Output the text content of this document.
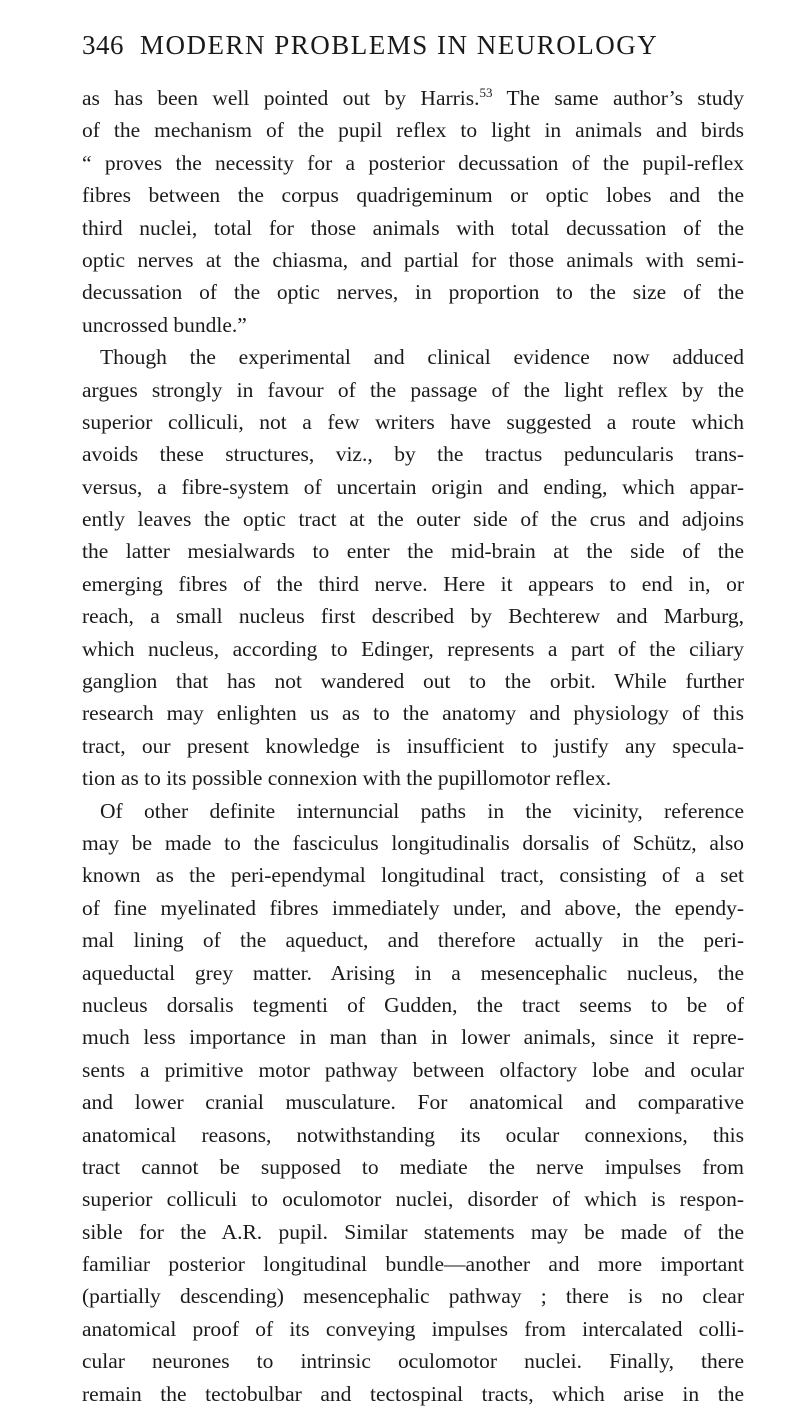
346 MODERN PROBLEMS IN NEUROLOGY
as has been well pointed out by Harris.$^{53}$ The same author’s study
of the mechanism of the pupil reflex to light in animals and birds
“ proves the necessity for a posterior decussation of the pupil-reflex
fibres between the corpus quadrigeminum or optic lobes and the
third nuclei, total for those animals with total decussation of the
optic nerves at the chiasma, and partial for those animals with semi-
decussation of the optic nerves, in proportion to the size of the
uncrossed bundle.”
Though the experimental and clinical evidence now adduced
argues strongly in favour of the passage of the light reflex by the
superior colliculi, not a few writers have suggested a route which
avoids these structures, viz., by the tractus peduncularis trans-
versus, a fibre-system of uncertain origin and ending, which appar-
ently leaves the optic tract at the outer side of the crus and adjoins
the latter mesialwards to enter the mid-brain at the side of the
emerging fibres of the third nerve. Here it appears to end in, or
reach, a small nucleus first described by Bechterew and Marburg,
which nucleus, according to Edinger, represents a part of the ciliary
ganglion that has not wandered out to the orbit. While further
research may enlighten us as to the anatomy and physiology of this
tract, our present knowledge is insufficient to justify any specula-
tion as to its possible connexion with the pupillomotor reflex.
Of other definite internuncial paths in the vicinity, reference
may be made to the fasciculus longitudinalis dorsalis of Schütz, also
known as the peri-ependymal longitudinal tract, consisting of a set
of fine myelinated fibres immediately under, and above, the ependy-
mal lining of the aqueduct, and therefore actually in the peri-
aqueductal grey matter. Arising in a mesencephalic nucleus, the
nucleus dorsalis tegmenti of Gudden, the tract seems to be of
much less importance in man than in lower animals, since it repre-
sents a primitive motor pathway between olfactory lobe and ocular
and lower cranial musculature. For anatomical and comparative
anatomical reasons, notwithstanding its ocular connexions, this
tract cannot be supposed to mediate the nerve impulses from
superior colliculi to oculomotor nuclei, disorder of which is respon-
sible for the A.R. pupil. Similar statements may be made of the
familiar posterior longitudinal bundle—another and more important
(partially descending) mesencephalic pathway ; there is no clear
anatomical proof of its conveying impulses from intercalated colli-
cular neurones to intrinsic oculomotor nuclei. Finally, there
remain the tectobulbar and tectospinal tracts, which arise in the
